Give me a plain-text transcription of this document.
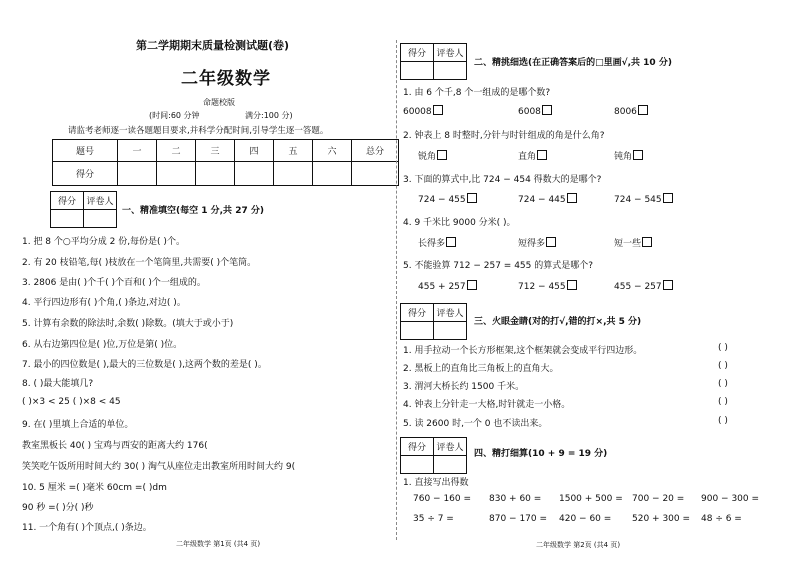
第二学期期末质量检测试题(卷)
二年级数学
命题校版
(时间:60 分钟	满分:100 分)
请监考老师逐一读各题题目要求,并科学分配时间,引导学生逐一答题。
题号	一	二	三	四	五	六	总分
得分							
得分	评卷人

一、精准填空(每空 1 分,共 27 分)
1. 把 8 个○平均分成 2 份,每份是( )个。
2. 有 20 枝铅笔,每( )枝放在一个笔筒里,共需要( )个笔筒。
3. 2806 是由( )个千( )个百和( )个一组成的。
4. 平行四边形有( )个角,( )条边,对边( )。
5. 计算有余数的除法时,余数( )除数。(填大于或小于)
6. 从右边第四位是( )位,万位是第( )位。
7. 最小的四位数是( ),最大的三位数是( ),这两个数的差是( )。
8. ( )最大能填几?
( )×3 < 25 ( )×8 < 45
9. 在( )里填上合适的单位。
教室黑板长 40( ) 宝鸡与西安的距离大约 176(
笑笑吃午饭所用时间大约 30( ) 淘气从座位走出教室所用时间大约 9(
10. 5 厘米 =( )毫米 60cm =( )dm
90 秒 =( )分( )秒
11. 一个角有( )个顶点,( )条边。
二年级数学 第1页 (共4 页)
得分	评卷人

二、精挑细选(在正确答案后的□里画√,共 10 分)
1. 由 6 个千,8 个一组成的是哪个数?
60008	6008	8006
2. 钟表上 8 时整时,分针与时针组成的角是什么角?
锐角	直角	钝角
3. 下面的算式中,比 724 − 454 得数大的是哪个?
724 − 455	724 − 445	724 − 545
4. 9 千米比 9000 分米( )。
长得多	短得多	短一些
5. 不能验算 712 − 257 = 455 的算式是哪个?
455 + 257	712 − 455	455 − 257
得分	评卷人

三、火眼金睛(对的打√,错的打×,共 5 分)
1. 用手拉动一个长方形框架,这个框架就会变成平行四边形。
2. 黑板上的直角比三角板上的直角大。
3. 渭河大桥长约 1500 千米。
4. 钟表上分针走一大格,时针就走一小格。
5. 读 2600 时,一个 0 也不读出来。
( )
( )
( )
( )
( )
得分	评卷人

四、精打细算(10 + 9 = 19 分)
1. 直接写出得数
760 − 160 = 830 + 60 = 1500 + 500 = 700 − 20 = 900 − 300 =
35 ÷ 7 =	870 − 170 = 420 − 60 = 520 + 300 = 48 ÷ 6 =
二年级数学 第2页 (共4 页)
